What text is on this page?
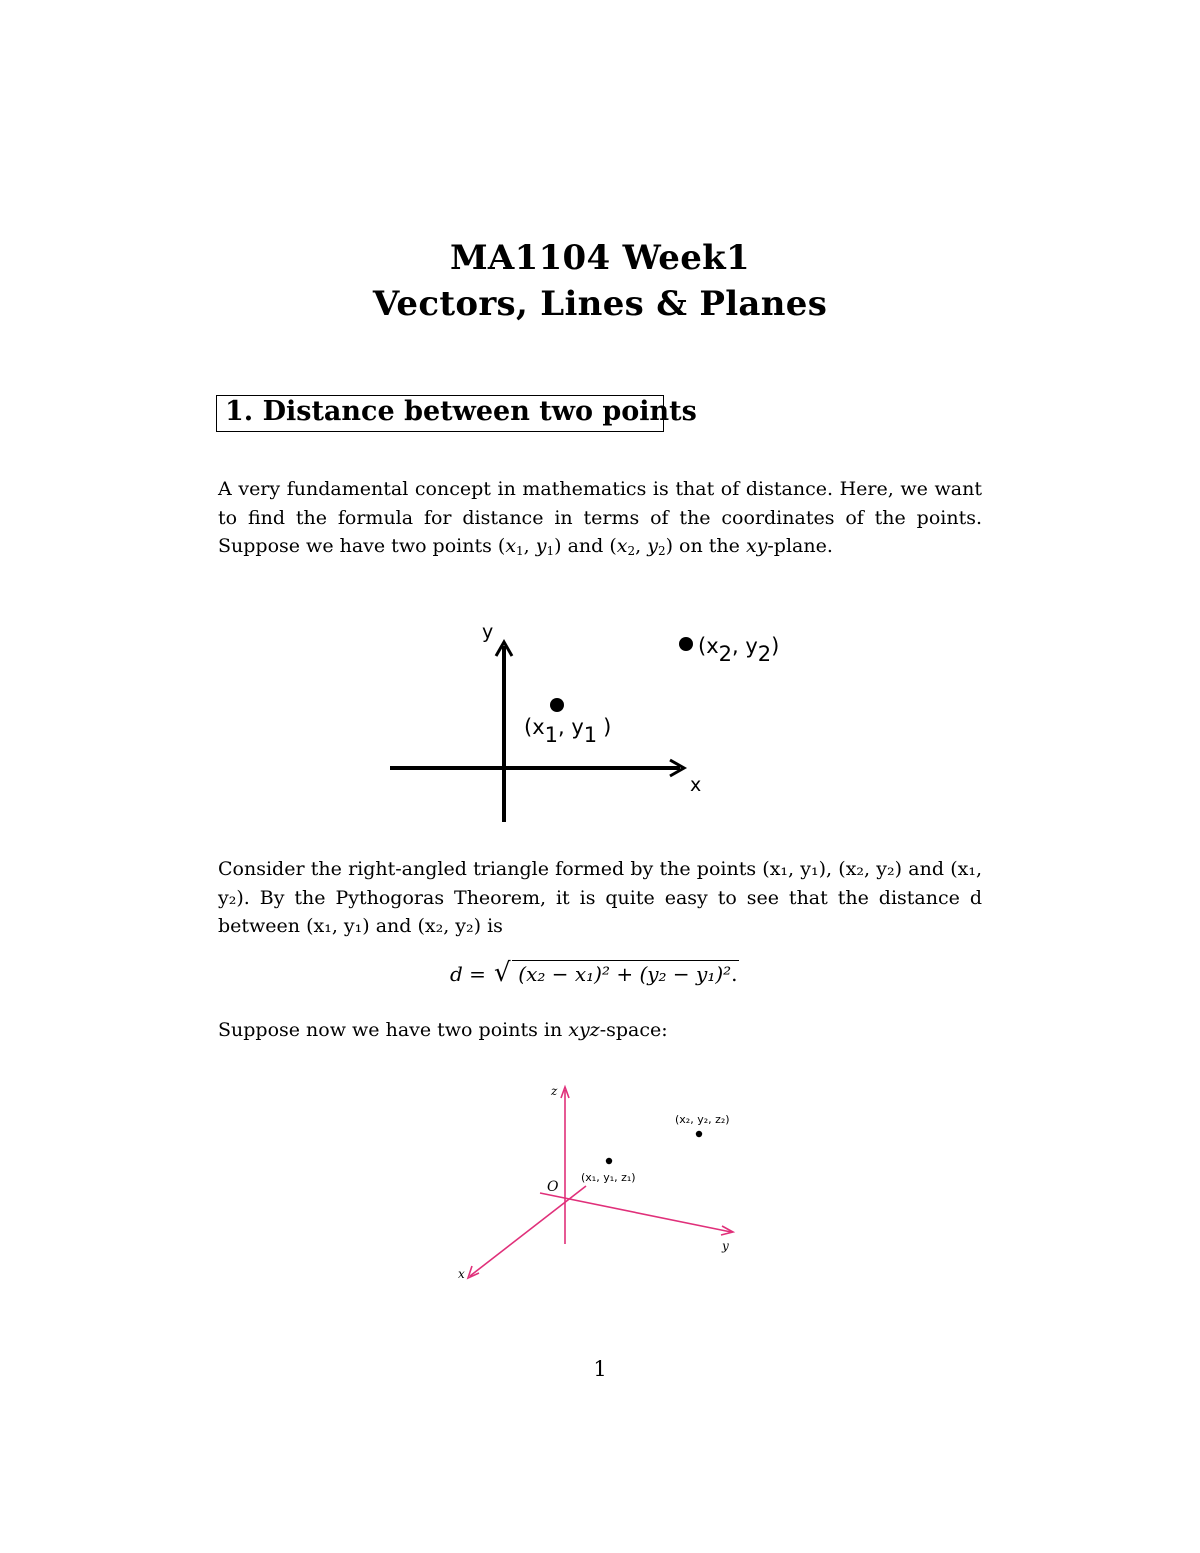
MA1104 Week1
Vectors, Lines & Planes
1. Distance between two points
A very fundamental concept in mathematics is that of distance. Here, we want to find the formula for distance in terms of the coordinates of the points. Suppose we have two points ($x_1$, $y_1$) and ($x_2$, $y_2$) on the xy-plane.
y
x
(x1, y1 )
(x2, y2)
Consider the right-angled triangle formed by the points (x₁, y₁), (x₂, y₂) and (x₁, y₂). By the Pythogoras Theorem, it is quite easy to see that the distance d between (x₁, y₁) and (x₂, y₂) is
√
d = (x₂ − x₁)² + (y₂ − y₁)².
Suppose now we have two points in xyz-space:
z
y
x
O
(x₁, y₁, z₁)
(x₂, y₂, z₂)
1
